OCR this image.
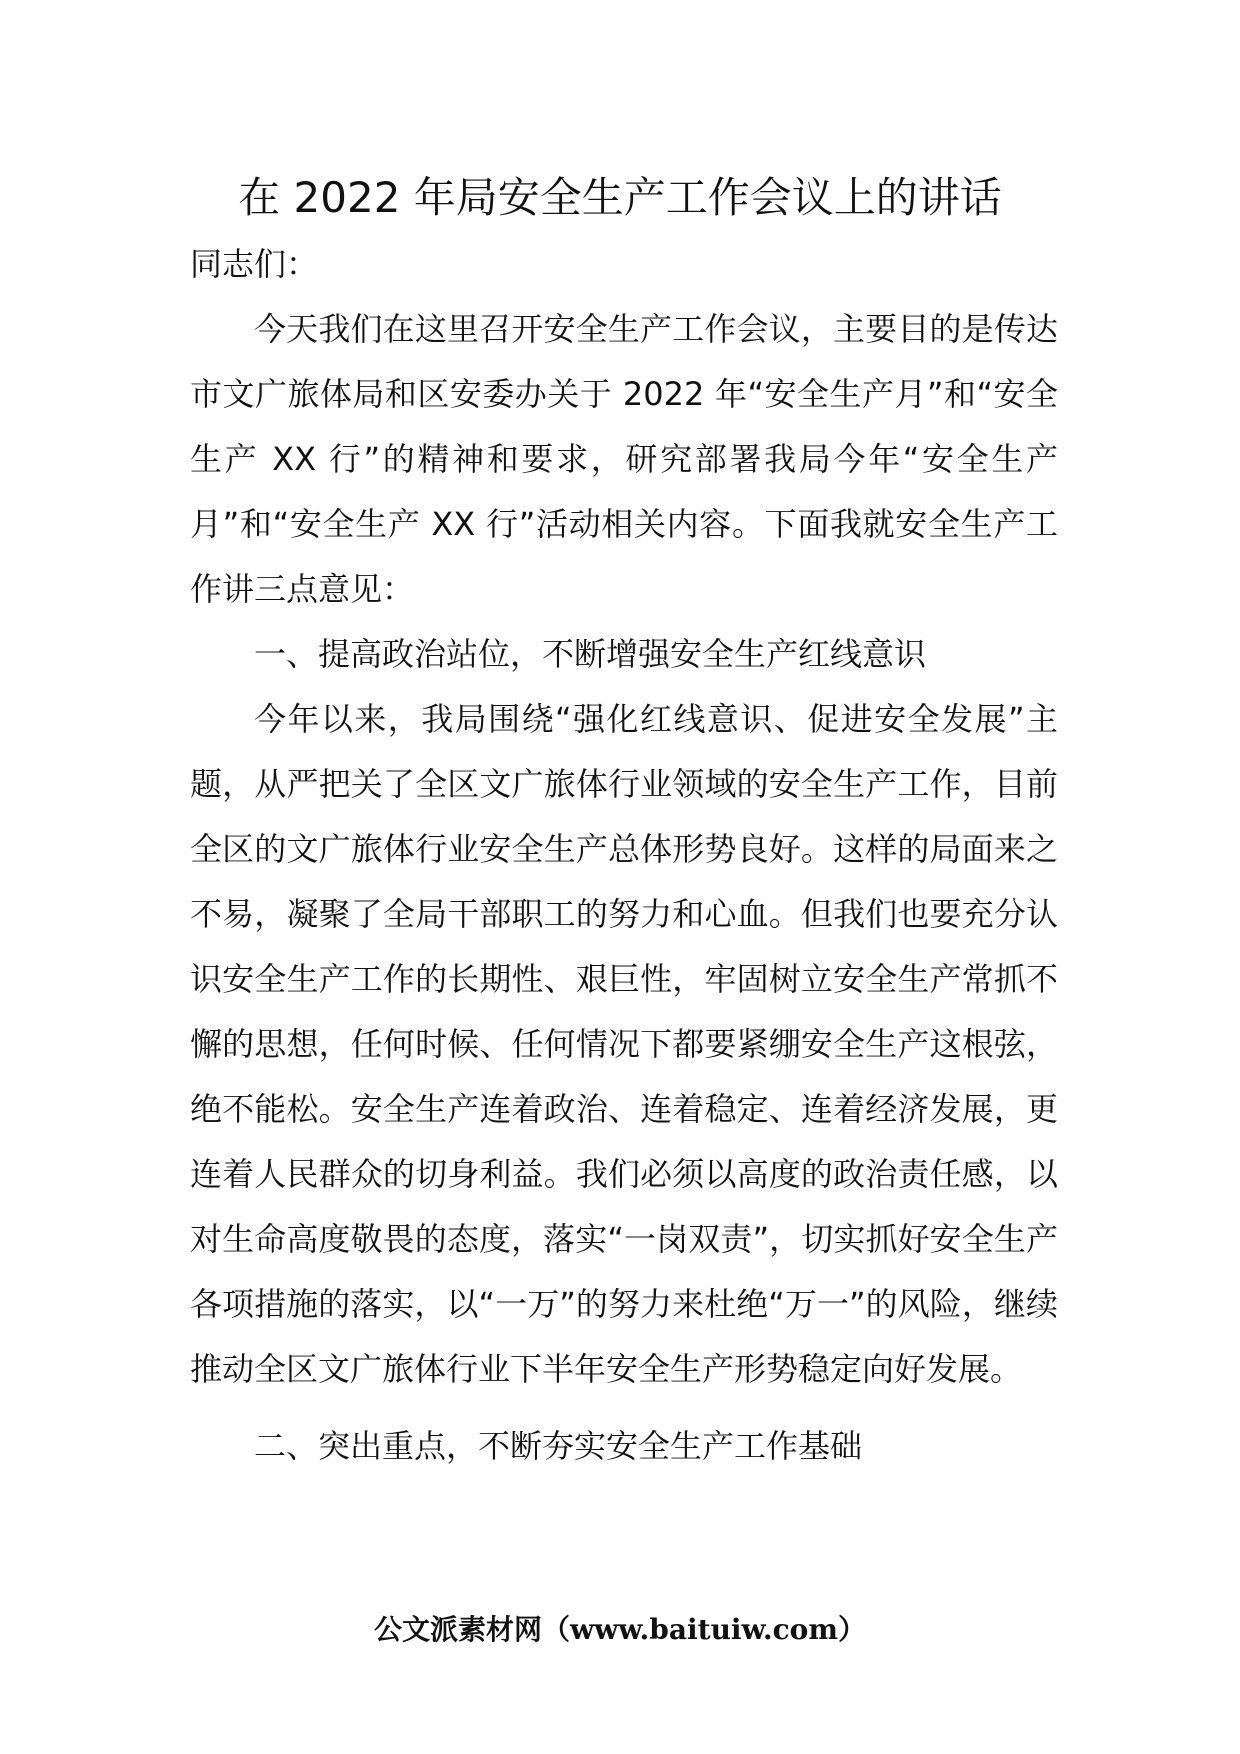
在 2022 年局安全生产工作会议上的讲话

同志们：

今天我们在这里召开安全生产工作会议，主要目的是传达市文广旅体局和区安委办关于 2022 年“安全生产月”和“安全生产 XX 行”的精神和要求，研究部署我局今年“安全生产月”和“安全生产 XX 行”活动相关内容。下面我就安全生产工作讲三点意见：

一、提高政治站位，不断增强安全生产红线意识

今年以来，我局围绕“强化红线意识、促进安全发展”主题，从严把关了全区文广旅体行业领域的安全生产工作，目前全区的文广旅体行业安全生产总体形势良好。这样的局面来之不易，凝聚了全局干部职工的努力和心血。但我们也要充分认识安全生产工作的长期性、艰巨性，牢固树立安全生产常抓不懈的思想，任何时候、任何情况下都要紧绷安全生产这根弦，绝不能松。安全生产连着政治、连着稳定、连着经济发展，更连着人民群众的切身利益。我们必须以高度的政治责任感，以对生命高度敬畏的态度，落实“一岗双责”，切实抓好安全生产各项措施的落实，以“一万”的努力来杜绝“万一”的风险，继续推动全区文广旅体行业下半年安全生产形势稳定向好发展。

二、突出重点，不断夯实安全生产工作基础

公文派素材网（www.baituiw.com）
